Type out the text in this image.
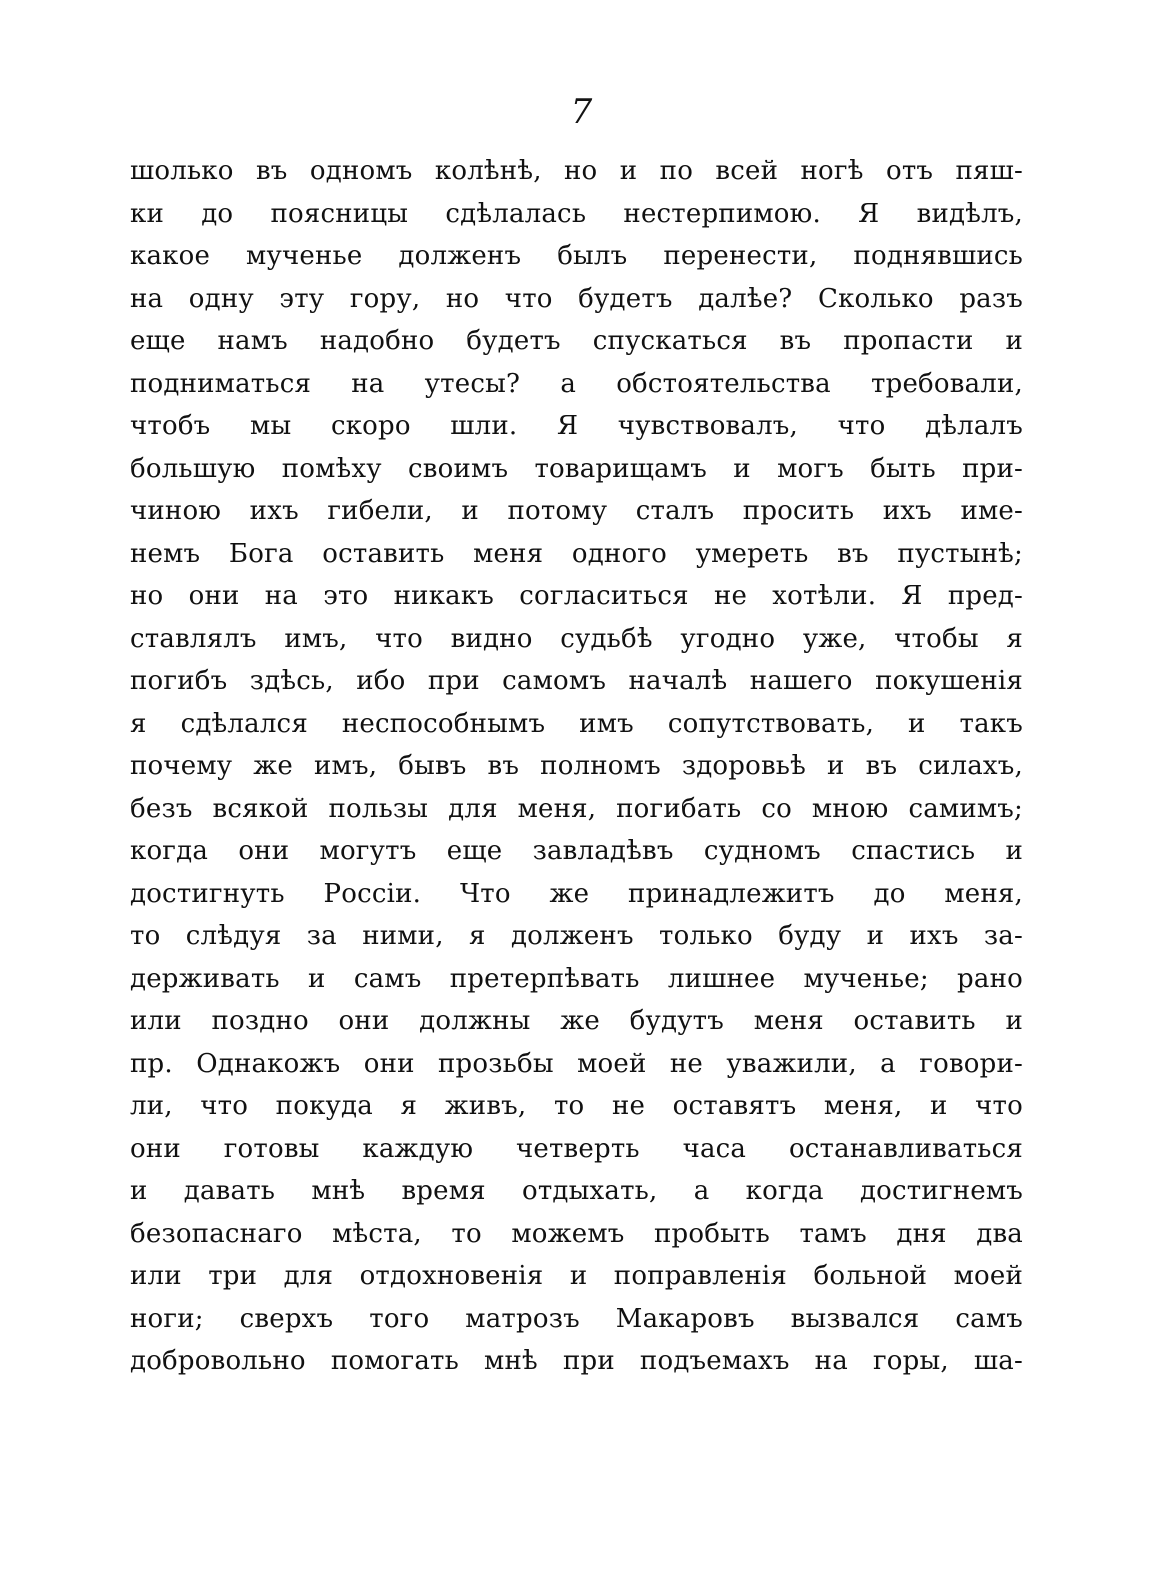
7
шолько въ одномъ колѣнѣ, но и по всей ногѣ отъ пяш-
ки до поясницы сдѣлалась нестерпимою. Я видѣлъ,
какое мученье долженъ былъ перенести, поднявшись
на одну эту гору, но что будетъ далѣе? Сколько разъ
еще намъ надобно будетъ спускаться въ пропасти и
подниматься на утесы? а обстоятельства требовали,
чтобъ мы скоро шли. Я чувствовалъ, что дѣлалъ
большую помѣху своимъ товарищамъ и могъ быть при-
чиною ихъ гибели, и потому сталъ просить ихъ име-
немъ Бога оставить меня одного умереть въ пустынѣ;
но они на это никакъ согласиться не хотѣли. Я пред-
ставлялъ имъ, что видно судьбѣ угодно уже, чтобы я
погибъ здѣсь, ибо при самомъ началѣ нашего покушенія
я сдѣлался неспособнымъ имъ сопутствовать, и такъ
почему же имъ, бывъ въ полномъ здоровьѣ и въ силахъ,
безъ всякой пользы для меня, погибать со мною самимъ;
когда они могутъ еще завладѣвъ судномъ спастись и
достигнуть Россіи. Что же принадлежитъ до меня,
то слѣдуя за ними, я долженъ только буду и ихъ за-
держивать и самъ претерпѣвать лишнее мученье; рано
или поздно они должны же будутъ меня оставить и
пр. Однакожъ они прозьбы моей не уважили, а говори-
ли, что покуда я живъ, то не оставятъ меня, и что
они готовы каждую четверть часа останавливаться
и давать мнѣ время отдыхать, а когда достигнемъ
безопаснаго мѣста, то можемъ пробыть тамъ дня два
или три для отдохновенія и поправленія больной моей
ноги; сверхъ того матрозъ Макаровъ вызвался самъ
добровольно помогать мнѣ при подъемахъ на горы, ша-
